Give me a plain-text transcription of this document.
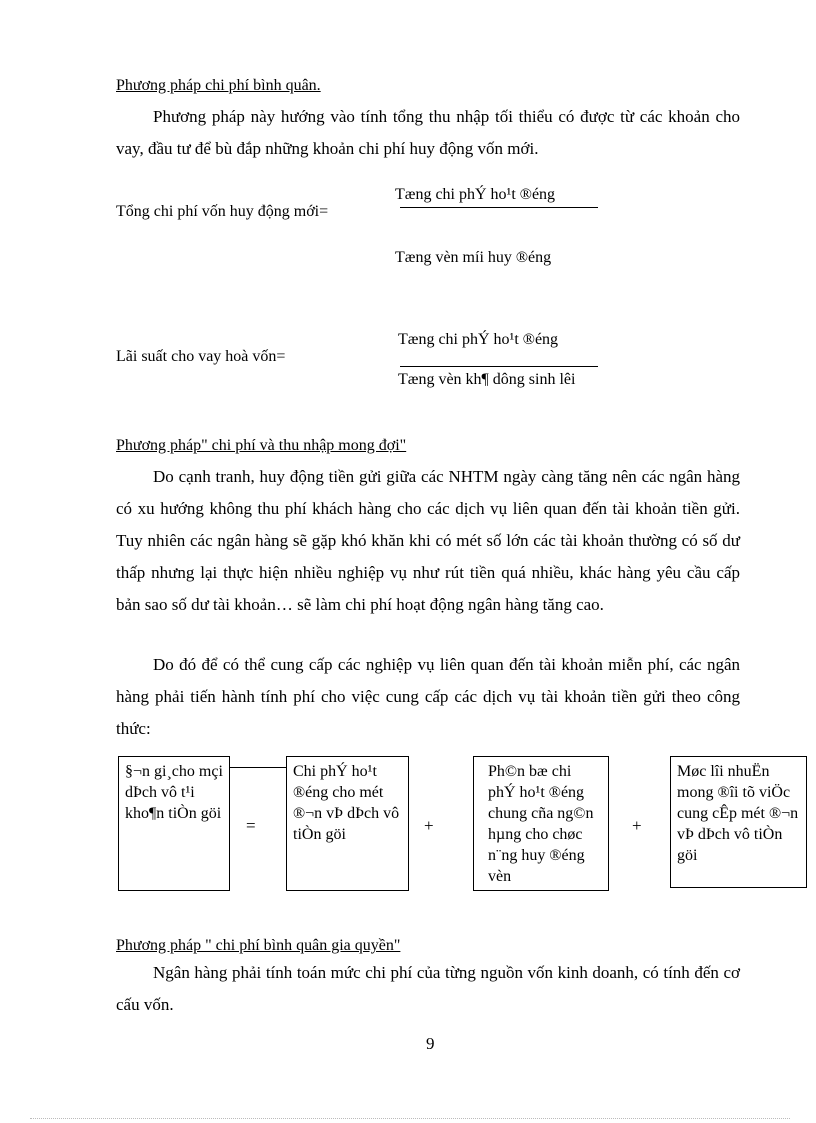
Phương pháp chi phí bình quân.
Phương pháp này hướng vào tính tổng thu nhập tối thiểu có được từ các khoản cho vay, đầu tư để bù đắp những khoản chi phí huy động vốn mới.
Tổng chi phí vốn huy động mới=
Tæng chi phÝ ho¹t ®éng
Tæng vèn míi huy ®éng
Lãi suất cho vay hoà vốn=
Tæng chi phÝ ho¹t ®éng
Tæng vèn kh¶ dông sinh lêi
Phương pháp" chi phí và thu nhập mong đợi"
Do cạnh tranh, huy động tiền gửi giữa các NHTM ngày càng tăng nên các ngân hàng có xu hướng không thu phí khách hàng cho các dịch vụ liên quan đến tài khoản tiền gửi. Tuy nhiên các ngân hàng sẽ gặp khó khăn khi có mét số lớn các tài khoản thường có số dư thấp nhưng lại thực hiện nhiều nghiệp vụ như rút tiền quá nhiều, khác hàng yêu cầu cấp bản sao số dư tài khoản… sẽ làm chi phí hoạt động ngân hàng tăng cao.
Do đó để có thể cung cấp các nghiệp vụ liên quan đến tài khoản miễn phí, các ngân hàng phải tiến hành tính phí cho việc cung cấp các dịch vụ tài khoản tiền gửi theo công thức:
§¬n gi¸cho mçi dÞch vô t¹i kho¶n tiÒn göi
=
Chi phÝ ho¹t ®éng cho mét ®¬n vÞ dÞch vô tiÒn göi	+
Ph©n bæ chi phÝ ho¹t ®éng chung cña ng©n hµng cho chøc n¨ng huy ®éng vèn
+
Møc lîi nhuËn mong ®îi tõ viÖc cung cÊp mét ®¬n vÞ dÞch vô tiÒn göi
Phương pháp " chi phí bình quân gia quyền"
Ngân hàng phải tính toán mức chi phí của từng nguồn vốn kinh doanh, có tính đến cơ cấu vốn.
9
